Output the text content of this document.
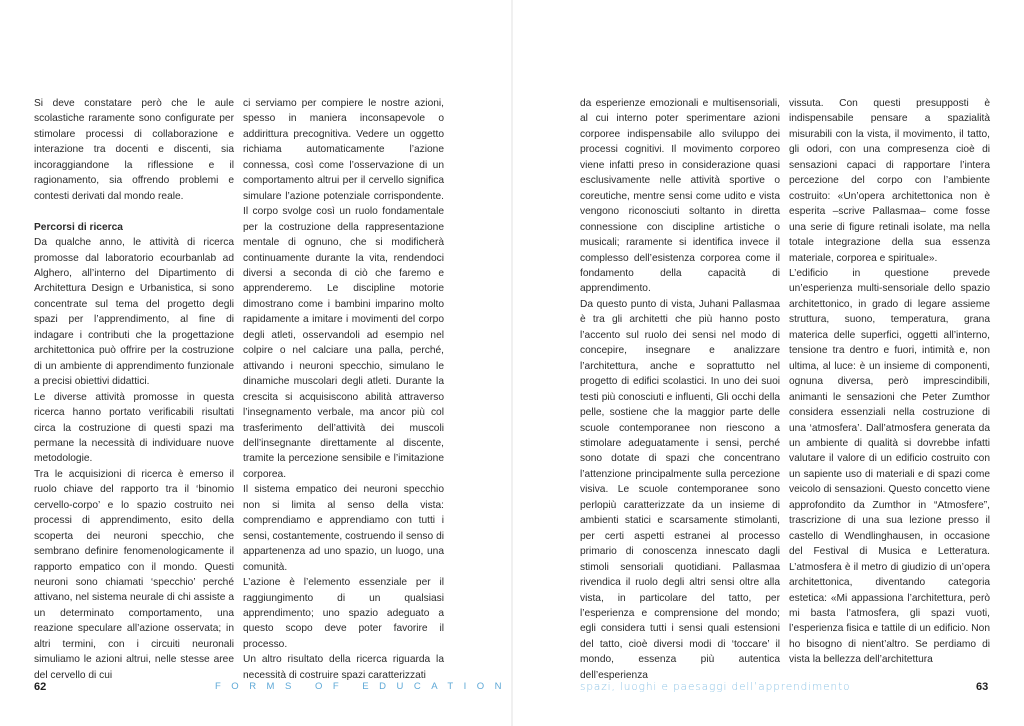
Si deve constatare però che le aule scolastiche raramente sono configurate per stimolare processi di collaborazione e interazione tra docenti e discenti, sia incoraggiandone la riflessione e il ragionamento, sia offrendo problemi e contesti derivati dal mondo reale.

Percorsi di ricerca

Da qualche anno, le attività di ricerca promosse dal laboratorio ecourbanlab ad Alghero, all’interno del Dipartimento di Architettura Design e Urbanistica, si sono concentrate sul tema del progetto degli spazi per l’apprendimento, al fine di indagare i contributi che la progettazione architettonica può offrire per la costruzione di un ambiente di apprendimento funzionale a precisi obiettivi didattici.

Le diverse attività promosse in questa ricerca hanno portato verificabili risultati circa la costruzione di questi spazi ma permane la necessità di individuare nuove metodologie.

Tra le acquisizioni di ricerca è emerso il ruolo chiave del rapporto tra il ‘binomio cervello-corpo’ e lo spazio costruito nei processi di apprendimento, esito della scoperta dei neuroni specchio, che sembrano definire fenomenologicamente il rapporto empatico con il mondo. Questi neuroni sono chiamati ‘specchio’ perché attivano, nel sistema neurale di chi assiste a un determinato comportamento, una reazione speculare all’azione osservata; in altri termini, con i circuiti neuronali simuliamo le azioni altrui, nelle stesse aree del cervello di cui

ci serviamo per compiere le nostre azioni, spesso in maniera inconsapevole o addirittura precognitiva. Vedere un oggetto richiama automaticamente l’azione connessa, così come l’osservazione di un comportamento altrui per il cervello significa simulare l’azione potenziale corrispondente. Il corpo svolge così un ruolo fondamentale per la costruzione della rappresentazione mentale di ognuno, che si modificherà continuamente durante la vita, rendendoci diversi a seconda di ciò che faremo e apprenderemo. Le discipline motorie dimostrano come i bambini imparino molto rapidamente a imitare i movimenti del corpo degli atleti, osservandoli ad esempio nel colpire o nel calciare una palla, perché, attivando i neuroni specchio, simulano le dinamiche muscolari degli atleti. Durante la crescita si acquisiscono abilità attraverso l’insegnamento verbale, ma ancor più col trasferimento dell’attività dei muscoli dell’insegnante direttamente al discente, tramite la percezione sensibile e l’imitazione corporea.

Il sistema empatico dei neuroni specchio non si limita al senso della vista: comprendiamo e apprendiamo con tutti i sensi, costantemente, costruendo il senso di appartenenza ad uno spazio, un luogo, una comunità.

L’azione è l’elemento essenziale per il raggiungimento di un qualsiasi apprendimento; uno spazio adeguato a questo scopo deve poter favorire il processo.

Un altro risultato della ricerca riguarda la necessità di costruire spazi caratterizzati

da esperienze emozionali e multisensoriali, al cui interno poter sperimentare azioni corporee indispensabile allo sviluppo dei processi cognitivi. Il movimento corporeo viene infatti preso in considerazione quasi esclusivamente nelle attività sportive o coreutiche, mentre sensi come udito e vista vengono riconosciuti soltanto in diretta connessione con discipline artistiche o musicali; raramente si identifica invece il complesso dell’esistenza corporea come il fondamento della capacità di apprendimento.

Da questo punto di vista, Juhani Pallasmaa è tra gli architetti che più hanno posto l’accento sul ruolo dei sensi nel modo di concepire, insegnare e analizzare l’architettura, anche e soprattutto nel progetto di edifici scolastici. In uno dei suoi testi più conosciuti e influenti, Gli occhi della pelle, sostiene che la maggior parte delle scuole contemporanee non riescono a stimolare adeguatamente i sensi, perché sono dotate di spazi che concentrano l’attenzione principalmente sulla percezione visiva. Le scuole contemporanee sono perlopiù caratterizzate da un insieme di ambienti statici e scarsamente stimolanti, per certi aspetti estranei al processo primario di conoscenza innescato dagli stimoli sensoriali quotidiani. Pallasmaa rivendica il ruolo degli altri sensi oltre alla vista, in particolare del tatto, per l’esperienza e comprensione del mondo; egli considera tutti i sensi quali estensioni del tatto, cioè diversi modi di ‘toccare’ il mondo, essenza più autentica dell’esperienza

vissuta. Con questi presupposti è indispensabile pensare a spazialità misurabili con la vista, il movimento, il tatto, gli odori, con una compresenza cioè di sensazioni capaci di rapportare l’intera percezione del corpo con l’ambiente costruito: «Un’opera architettonica non è esperita –scrive Pallasmaa– come fosse una serie di figure retinali isolate, ma nella totale integrazione della sua essenza materiale, corporea e spirituale».

L’edificio in questione prevede un’esperienza multi-sensoriale dello spazio architettonico, in grado di legare assieme struttura, suono, temperatura, grana materica delle superfici, oggetti all’interno, tensione tra dentro e fuori, intimità e, non ultima, al luce: è un insieme di componenti, ognuna diversa, però imprescindibili, animanti le sensazioni che Peter Zumthor considera essenziali nella costruzione di una ‘atmosfera’. Dall’atmosfera generata da un ambiente di qualità si dovrebbe infatti valutare il valore di un edificio costruito con un sapiente uso di materiali e di spazi come veicolo di sensazioni. Questo concetto viene approfondito da Zumthor in “Atmosfere”, trascrizione di una sua lezione presso il castello di Wendlinghausen, in occasione del Festival di Musica e Letteratura. L’atmosfera è il metro di giudizio di un’opera architettonica, diventando categoria estetica: «Mi appassiona l’architettura, però mi basta l’atmosfera, gli spazi vuoti, l’esperienza fisica e tattile di un edificio. Non ho bisogno di nient’altro. Se perdiamo di vista la bellezza dell’architettura

62	FORMS OF EDUCATION	spazi, luoghi e paesaggi dell’apprendimento	63
